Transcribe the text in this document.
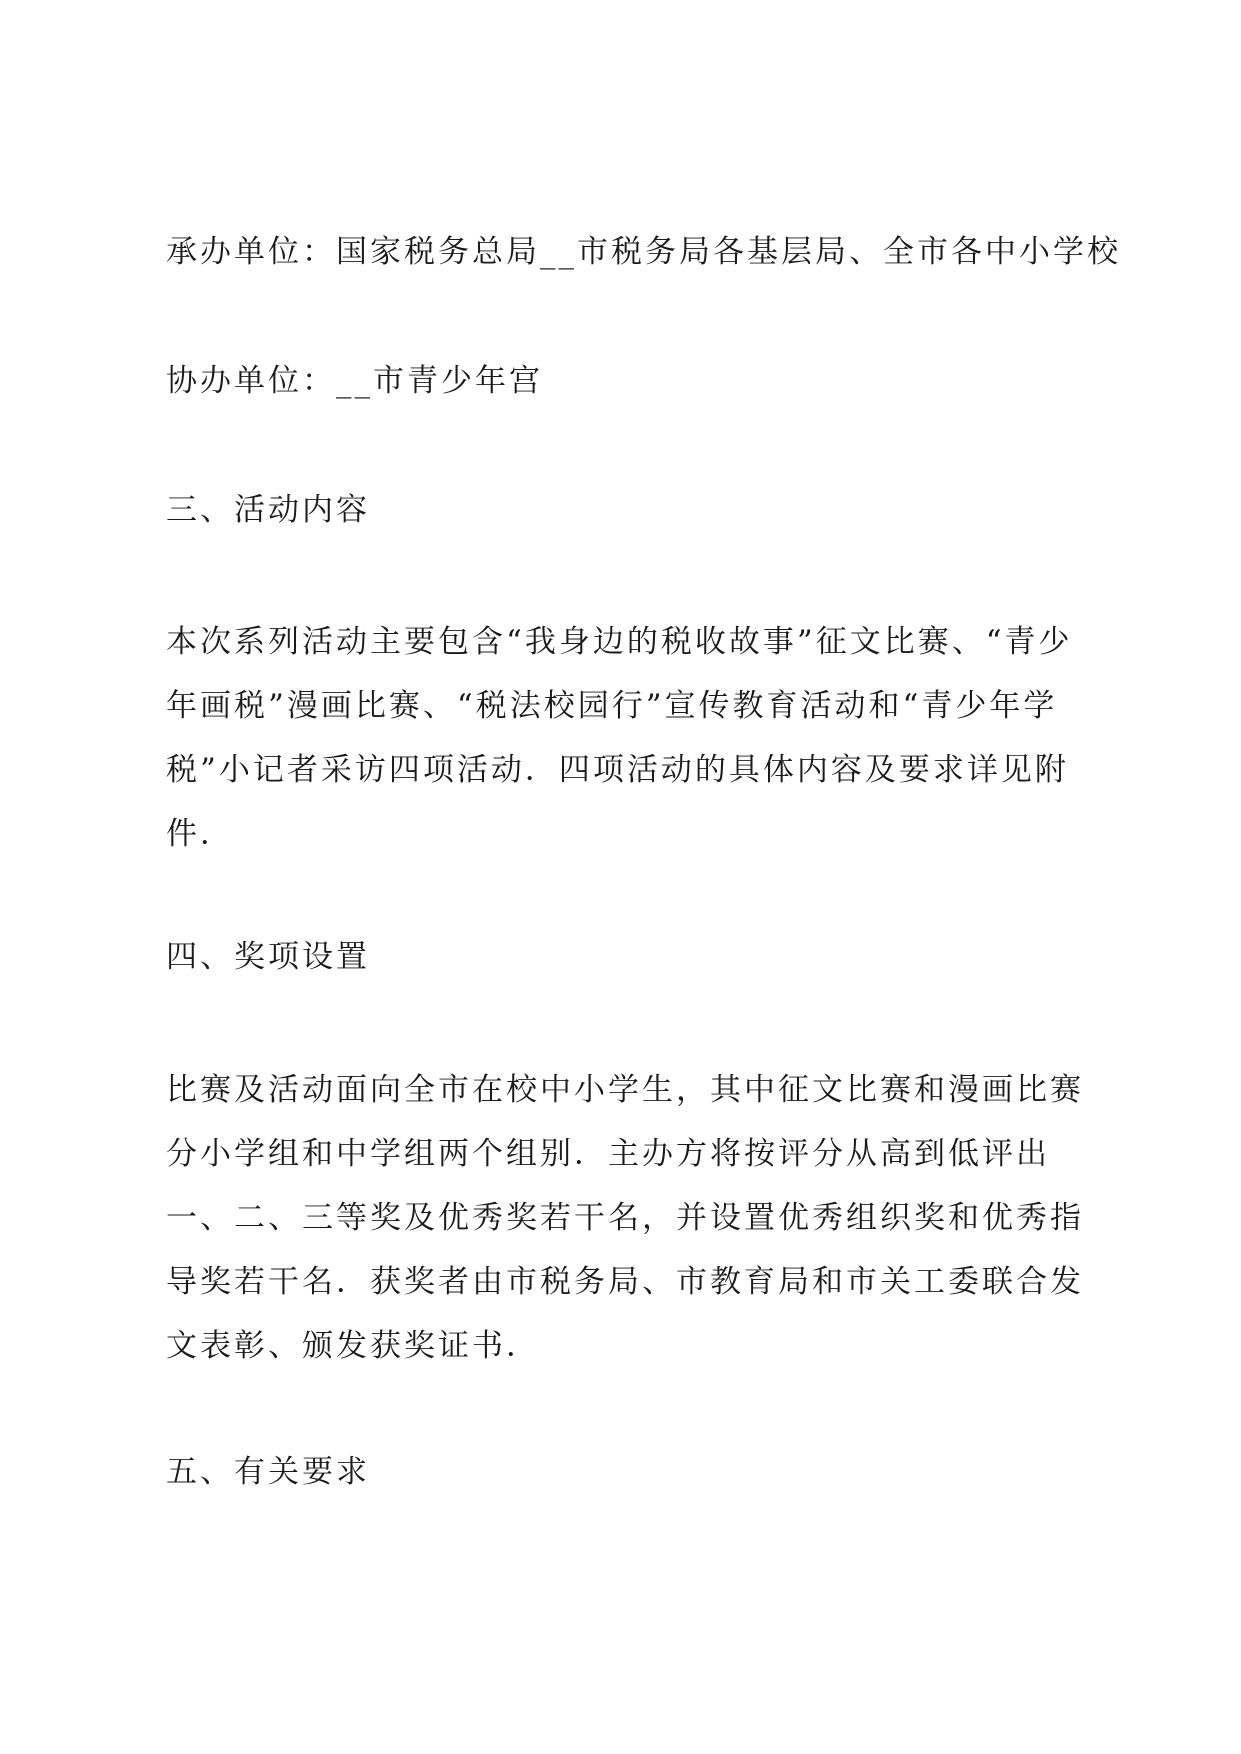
承办单位：国家税务总局__市税务局各基层局、全市各中小学校
协办单位：__市青少年宫
三、活动内容
本次系列活动主要包含“我身边的税收故事”征文比赛、“青少年画税”漫画比赛、“税法校园行”宣传教育活动和“青少年学税”小记者采访四项活动．四项活动的具体内容及要求详见附件．
四、奖项设置
比赛及活动面向全市在校中小学生，其中征文比赛和漫画比赛分小学组和中学组两个组别．主办方将按评分从高到低评出一、二、三等奖及优秀奖若干名，并设置优秀组织奖和优秀指导奖若干名．获奖者由市税务局、市教育局和市关工委联合发文表彰、颁发获奖证书．
五、有关要求
